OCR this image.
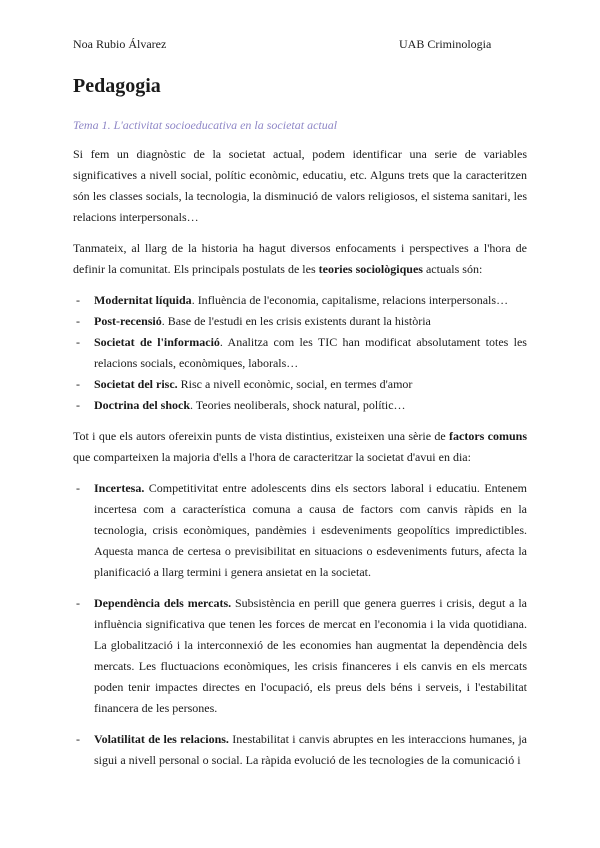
Noa Rubio Álvarez	UAB Criminologia
Pedagogia
Tema 1. L'activitat socioeducativa en la societat actual

Si fem un diagnòstic de la societat actual, podem identificar una serie de variables significatives a nivell social, polític econòmic, educatiu, etc. Alguns trets que la caracteritzen són les classes socials, la tecnologia, la disminució de valors religiosos, el sistema sanitari, les relacions interpersonals…

Tanmateix, al llarg de la historia ha hagut diversos enfocaments i perspectives a l'hora de definir la comunitat. Els principals postulats de les teories sociològiques actuals són:

- Modernitat líquida. Influència de l'economia, capitalisme, relacions interpersonals…
- Post-recensió. Base de l'estudi en les crisis existents durant la història
- Societat de l'informació. Analitza com les TIC han modificat absolutament totes les relacions socials, econòmiques, laborals…
- Societat del risc. Risc a nivell econòmic, social, en termes d'amor
- Doctrina del shock. Teories neoliberals, shock natural, polític…

Tot i que els autors ofereixin punts de vista distintius, existeixen una sèrie de factors comuns que comparteixen la majoria d'ells a l'hora de caracteritzar la societat d'avui en dia:

- Incertesa. Competitivitat entre adolescents dins els sectors laboral i educatiu. Entenem incertesa com a característica comuna a causa de factors com canvis ràpids en la tecnologia, crisis econòmiques, pandèmies i esdeveniments geopolítics impredictibles. Aquesta manca de certesa o previsibilitat en situacions o esdeveniments futurs, afecta la planificació a llarg termini i genera ansietat en la societat.
- Dependència dels mercats. Subsistència en perill que genera guerres i crisis, degut a la influència significativa que tenen les forces de mercat en l'economia i la vida quotidiana. La globalització i la interconnexió de les economies han augmentat la dependència dels mercats. Les fluctuacions econòmiques, les crisis financeres i els canvis en els mercats poden tenir impactes directes en l'ocupació, els preus dels béns i serveis, i l'estabilitat financera de les persones.
- Volatilitat de les relacions. Inestabilitat i canvis abruptes en les interaccions humanes, ja sigui a nivell personal o social. La ràpida evolució de les tecnologies de la comunicació i
